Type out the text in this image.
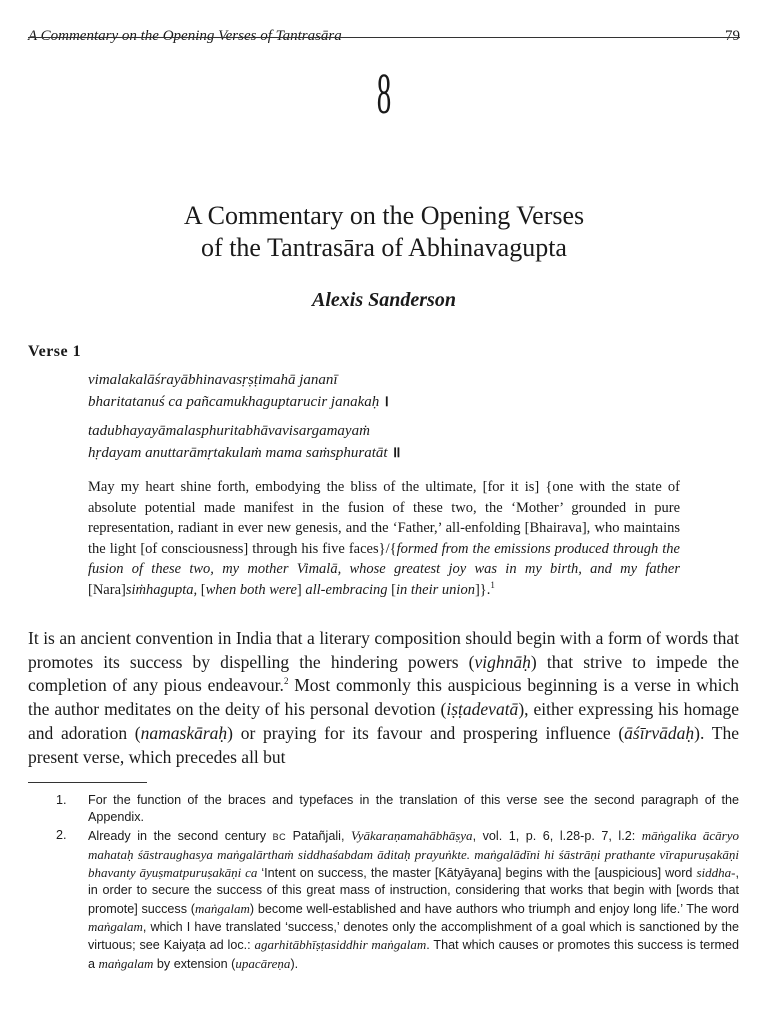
A Commentary on the Opening Verses of Tantrasāra	79
8
A Commentary on the Opening Verses
of the Tantrasāra of Abhinavagupta
Alexis Sanderson
Verse 1
vimalakalāśrayābhinavasṛṣṭimahā jananī
bharitatanuś ca pañcamukhaguptarucir janakaḥ ।
tadubhayayāmalasphuritabhāvavisargamayaṁ
hṛdayam anuttarāmṛtakulaṁ mama saṁsphuratāt ॥
May my heart shine forth, embodying the bliss of the ultimate, [for it is] {one with the state of absolute potential made manifest in the fusion of these two, the ‘Mother’ grounded in pure representation, radiant in ever new genesis, and the ‘Father,’ all-enfolding [Bhairava], who maintains the light [of consciousness] through his five faces}/{formed from the emissions produced through the fusion of these two, my mother Vimalā, whose greatest joy was in my birth, and my father [Nara]siṁhagupta, [when both were] all-embracing [in their union]}.$^1$
It is an ancient convention in India that a literary composition should begin with a form of words that promotes its success by dispelling the hindering powers (vighnāḥ) that strive to impede the completion of any pious endeavour.$^2$ Most commonly this auspicious beginning is a verse in which the author meditates on the deity of his personal devotion (iṣṭadevatā), either expressing his homage and adoration (namaskāraḥ) or praying for its favour and prospering influence (āśīrvādaḥ). The present verse, which precedes all but
1. For the function of the braces and typefaces in the translation of this verse see the second paragraph of the Appendix.
2. Already in the second century BC Patañjali, Vyākaraṇamahābhāṣya, vol. 1, p. 6, l.28-p. 7, l.2: māṅgalika ācāryo mahataḥ śāstraughasya maṅgalārthaṁ siddhaśabdam āditaḥ prayuṅkte. maṅgalādīni hi śāstrāṇi prathante vīrapuruṣakāṇi bhavanty āyuṣmatpuruṣakāṇi ca ‘Intent on success, the master [Kātyāyana] begins with the [auspicious] word siddha-, in order to secure the success of this great mass of instruction, considering that works that begin with [words that promote] success (maṅgalam) become well-established and have authors who triumph and enjoy long life.’ The word maṅgalam, which I have translated ‘success,’ denotes only the accomplishment of a goal which is sanctioned by the virtuous; see Kaiyaṭa ad loc.: agarhitābhīṣṭasiddhir maṅgalam. That which causes or promotes this success is termed a maṅgalam by extension (upacāreṇa).
